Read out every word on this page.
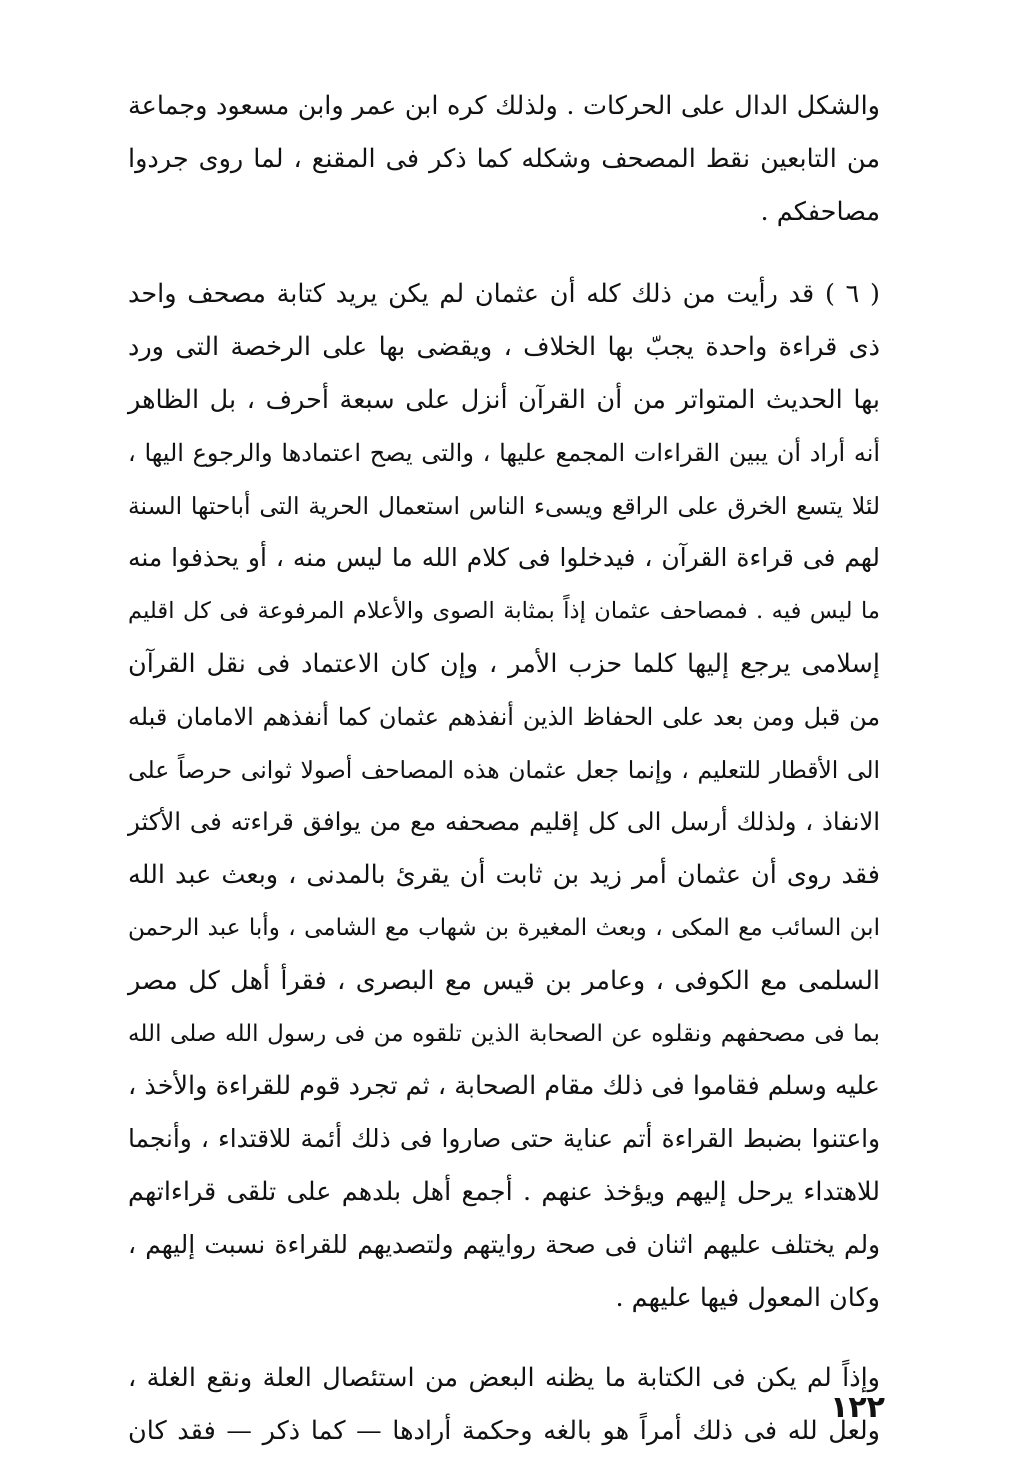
والشكل الدال على الحركات . ولذلك كره ابن عمر وابن مسعود وجماعة
من التابعين نقط المصحف وشكله كما ذكر فى المقنع ، لما روى جردوا
مصاحفكم .

( ٦ ) قد رأيت من ذلك كله أن عثمان لم يكن يريد كتابة مصحف واحد
ذى قراءة واحدة يجبّ بها الخلاف ، ويقضى بها على الرخصة التى ورد
بها الحديث المتواتر من أن القرآن أنزل على سبعة أحرف ، بل الظاهر
أنه أراد أن يبين القراءات المجمع عليها ، والتى يصح اعتمادها والرجوع اليها ،
لئلا يتسع الخرق على الراقع ويسىء الناس استعمال الحرية التى أباحتها السنة
لهم فى قراءة القرآن ، فيدخلوا فى كلام الله ما ليس منه ، أو يحذفوا منه
ما ليس فيه . فمصاحف عثمان إذاً بمثابة الصوى والأعلام المرفوعة فى كل اقليم
إسلامى يرجع إليها كلما حزب الأمر ، وإن كان الاعتماد فى نقل القرآن
من قبل ومن بعد على الحفاظ الذين أنفذهم عثمان كما أنفذهم الامامان قبله
الى الأقطار للتعليم ، وإنما جعل عثمان هذه المصاحف أصولا ثوانى حرصاً على
الانفاذ ، ولذلك أرسل الى كل إقليم مصحفه مع من يوافق قراءته فى الأكثر
فقد روى أن عثمان أمر زيد بن ثابت أن يقرئ بالمدنى ، وبعث عبد الله
ابن السائب مع المكى ، وبعث المغيرة بن شهاب مع الشامى ، وأبا عبد الرحمن
السلمى مع الكوفى ، وعامر بن قيس مع البصرى ، فقرأ أهل كل مصر
بما فى مصحفهم ونقلوه عن الصحابة الذين تلقوه من فى رسول الله صلى الله
عليه وسلم فقاموا فى ذلك مقام الصحابة ، ثم تجرد قوم للقراءة والأخذ ،
واعتنوا بضبط القراءة أتم عناية حتى صاروا فى ذلك أئمة للاقتداء ، وأنجما
للاهتداء يرحل إليهم ويؤخذ عنهم . أجمع أهل بلدهم على تلقى قراءاتهم
ولم يختلف عليهم اثنان فى صحة روايتهم ولتصديهم للقراءة نسبت إليهم ،
وكان المعول فيها عليهم .

وإذاً لم يكن فى الكتابة ما يظنه البعض من استئصال العلة ونقع الغلة ،
ولعل لله فى ذلك أمراً هو بالغه وحكمة أرادها — كما ذكر — فقد كان

١٢٢
